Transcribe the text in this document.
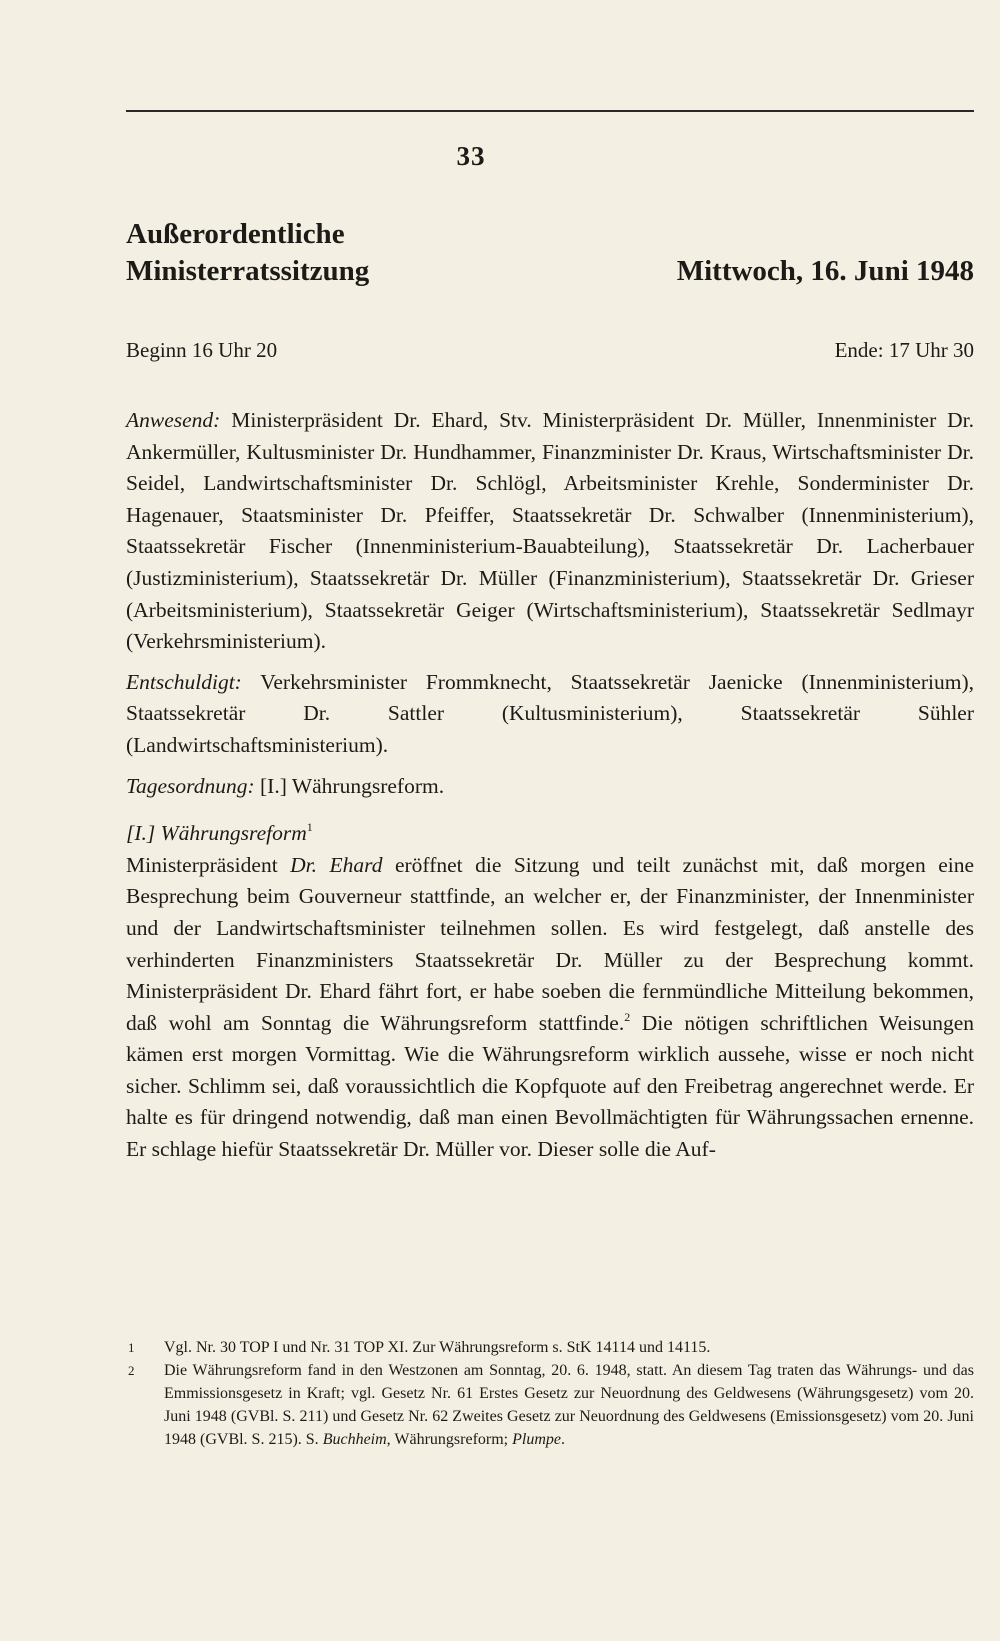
33
Außerordentliche
Ministerratssitzung	Mittwoch, 16. Juni 1948
Beginn 16 Uhr 20	Ende: 17 Uhr 30

Anwesend: Ministerpräsident Dr. Ehard, Stv. Ministerpräsident Dr. Müller, Innenminister Dr. Ankermüller, Kultusminister Dr. Hundhammer, Finanzminister Dr. Kraus, Wirtschaftsminister Dr. Seidel, Landwirtschaftsminister Dr. Schlögl, Arbeitsminister Krehle, Sonderminister Dr. Hagenauer, Staatsminister Dr. Pfeiffer, Staatssekretär Dr. Schwalber (Innenministerium), Staatssekretär Fischer (Innenministerium-Bauabteilung), Staatssekretär Dr. Lacherbauer (Justizministerium), Staatssekretär Dr. Müller (Finanzministerium), Staatssekretär Dr. Grieser (Arbeitsministerium), Staatssekretär Geiger (Wirtschaftsministerium), Staatssekretär Sedlmayr (Verkehrsministerium).

Entschuldigt: Verkehrsminister Frommknecht, Staatssekretär Jaenicke (Innenministerium), Staatssekretär Dr. Sattler (Kultusministerium), Staatssekretär Sühler (Landwirtschaftsministerium).

Tagesordnung: [I.] Währungsreform.

[I.] Währungsreform$^1$

Ministerpräsident Dr. Ehard eröffnet die Sitzung und teilt zunächst mit, daß morgen eine Besprechung beim Gouverneur stattfinde, an welcher er, der Finanzminister, der Innenminister und der Landwirtschaftsminister teilnehmen sollen. Es wird festgelegt, daß anstelle des verhinderten Finanzministers Staatssekretär Dr. Müller zu der Besprechung kommt. Ministerpräsident Dr. Ehard fährt fort, er habe soeben die fernmündliche Mitteilung bekommen, daß wohl am Sonntag die Währungsreform stattfinde.$^2$ Die nötigen schriftlichen Weisungen kämen erst morgen Vormittag. Wie die Währungsreform wirklich aussehe, wisse er noch nicht sicher. Schlimm sei, daß voraussichtlich die Kopfquote auf den Freibetrag angerechnet werde. Er halte es für dringend notwendig, daß man einen Bevollmächtigten für Währungssachen ernenne. Er schlage hiefür Staatssekretär Dr. Müller vor. Dieser solle die Auf-

1 Vgl. Nr. 30 TOP I und Nr. 31 TOP XI. Zur Währungsreform s. StK 14114 und 14115.

2 Die Währungsreform fand in den Westzonen am Sonntag, 20. 6. 1948, statt. An diesem Tag traten das Währungs- und das Emmissionsgesetz in Kraft; vgl. Gesetz Nr. 61 Erstes Gesetz zur Neuordnung des Geldwesens (Währungsgesetz) vom 20. Juni 1948 (GVBl. S. 211) und Gesetz Nr. 62 Zweites Gesetz zur Neuordnung des Geldwesens (Emissionsgesetz) vom 20. Juni 1948 (GVBl. S. 215). S. Buchheim, Währungsreform; Plumpe.
